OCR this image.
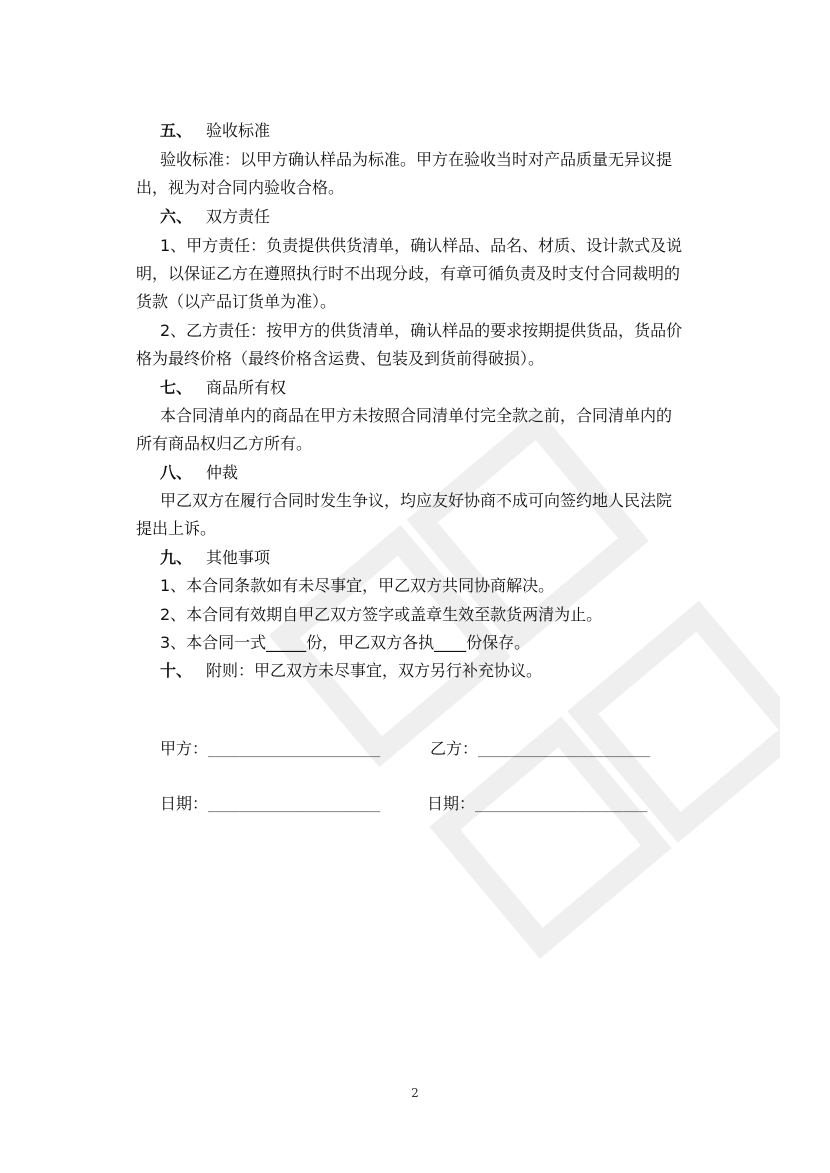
五、 验收标准
验收标准：以甲方确认样品为标准。甲方在验收当时对产品质量无异议提
出，视为对合同内验收合格。
六、 双方责任
1、甲方责任：负责提供供货清单，确认样品、品名、材质、设计款式及说
明，以保证乙方在遵照执行时不出现分歧，有章可循负责及时支付合同裁明的
货款（以产品订货单为准）。
2、乙方责任：按甲方的供货清单，确认样品的要求按期提供货品，货品价
格为最终价格（最终价格含运费、包装及到货前得破损）。
七、 商品所有权
本合同清单内的商品在甲方未按照合同清单付完全款之前，合同清单内的
所有商品权归乙方所有。
八、 仲裁
甲乙双方在履行合同时发生争议，均应友好协商不成可向签约地人民法院
提出上诉。
九、 其他事项
1、本合同条款如有未尽事宜，甲乙双方共同协商解决。
2、本合同有效期自甲乙双方签字或盖章生效至款货两清为止。
3、本合同一式_____份，甲乙双方各执____份保存。
十、 附则：甲乙双方未尽事宜，双方另行补充协议。
甲方：______________________	乙方：______________________
日期：______________________	日期：______________________
2
